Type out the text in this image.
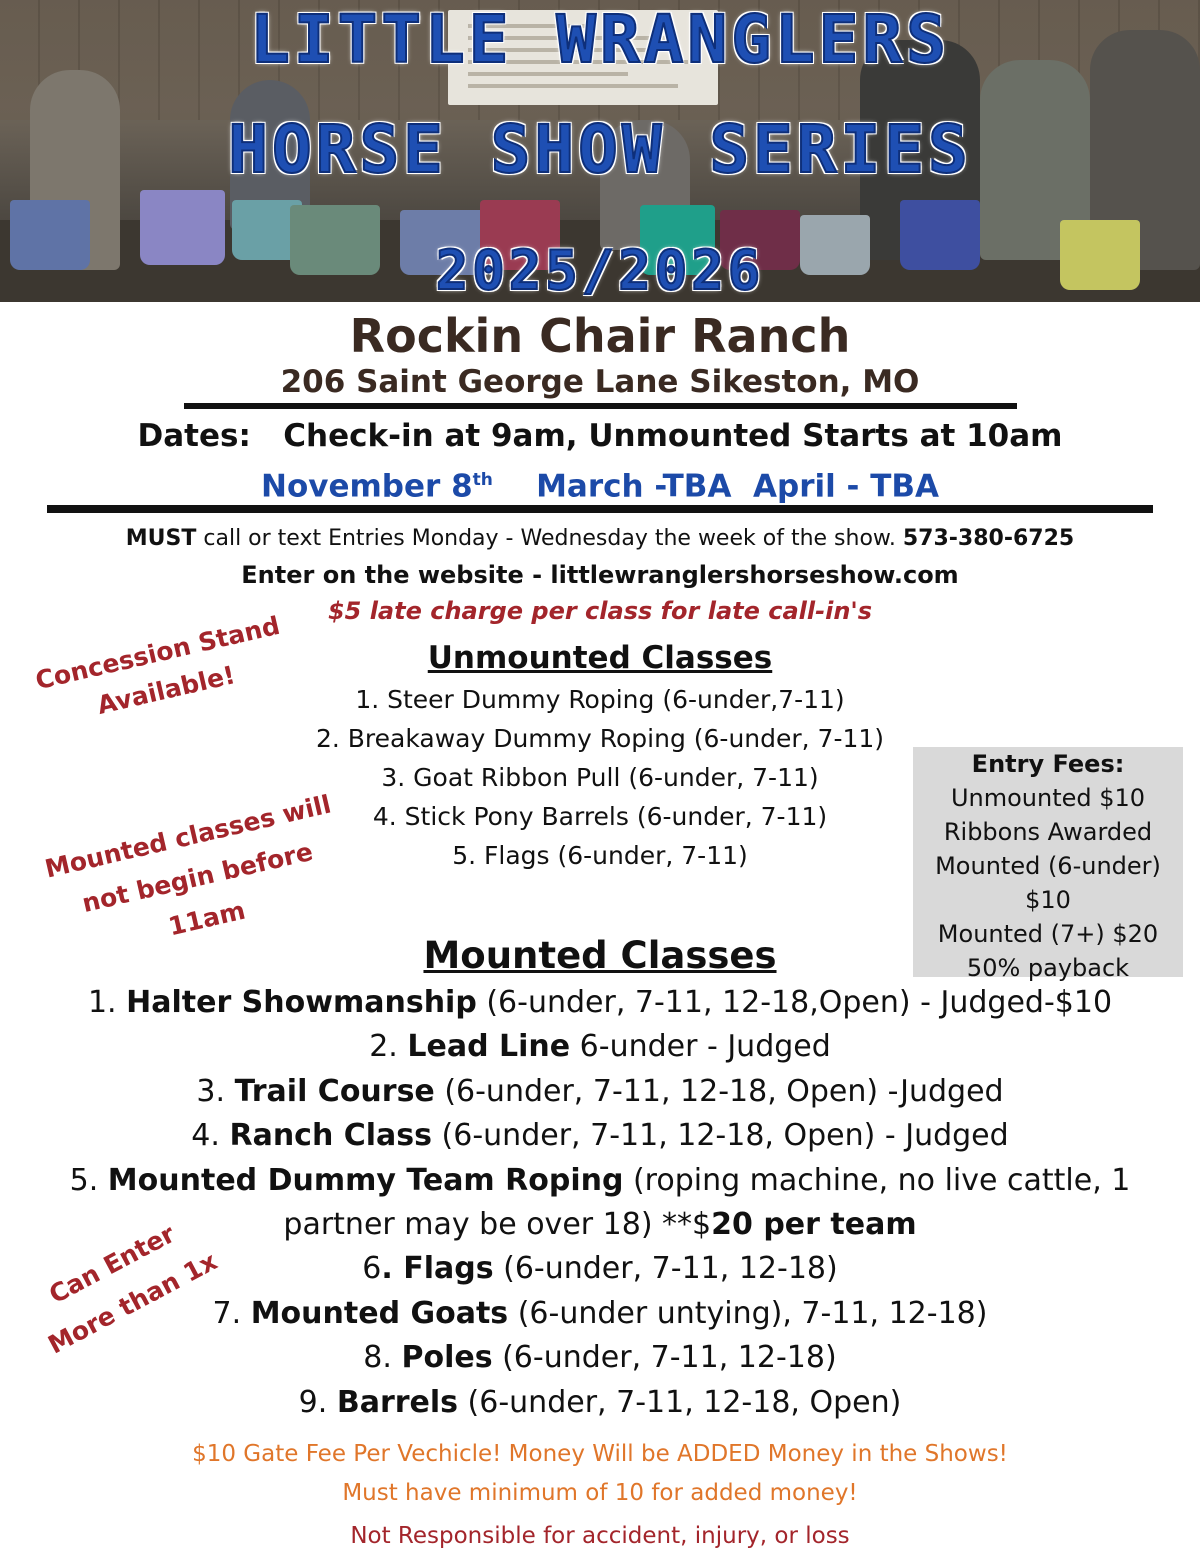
LITTLE WRANGLERS
HORSE SHOW SERIES
2025/2026
Rockin Chair Ranch
206 Saint George Lane Sikeston, MO
Dates: Check-in at 9am, Unmounted Starts at 10am
November 8th March -TBA April - TBA
MUST call or text Entries Monday - Wednesday the week of the show. 573-380-6725
Enter on the website - littlewranglershorseshow.com
$5 late charge per class for late call-in's
Concession Stand Available!
Mounted classes will not begin before 11am
Can Enter More than 1x
Unmounted Classes
1. Steer Dummy Roping (6-under,7-11)
2. Breakaway Dummy Roping (6-under, 7-11)
3. Goat Ribbon Pull (6-under, 7-11)
4. Stick Pony Barrels (6-under, 7-11)
5. Flags (6-under, 7-11)
Entry Fees:
Unmounted $10
Ribbons Awarded
Mounted (6-under)
$10
Mounted (7+) $20
50% payback
Mounted Classes
1. Halter Showmanship (6-under, 7-11, 12-18,Open) - Judged-$10
2. Lead Line 6-under - Judged
3. Trail Course (6-under, 7-11, 12-18, Open) -Judged
4. Ranch Class (6-under, 7-11, 12-18, Open) - Judged
5. Mounted Dummy Team Roping (roping machine, no live cattle, 1
partner may be over 18) **$20 per team
6. Flags (6-under, 7-11, 12-18)
7. Mounted Goats (6-under untying), 7-11, 12-18)
8. Poles (6-under, 7-11, 12-18)
9. Barrels (6-under, 7-11, 12-18, Open)
$10 Gate Fee Per Vechicle! Money Will be ADDED Money in the Shows!
Must have minimum of 10 for added money!
Not Responsible for accident, injury, or loss
